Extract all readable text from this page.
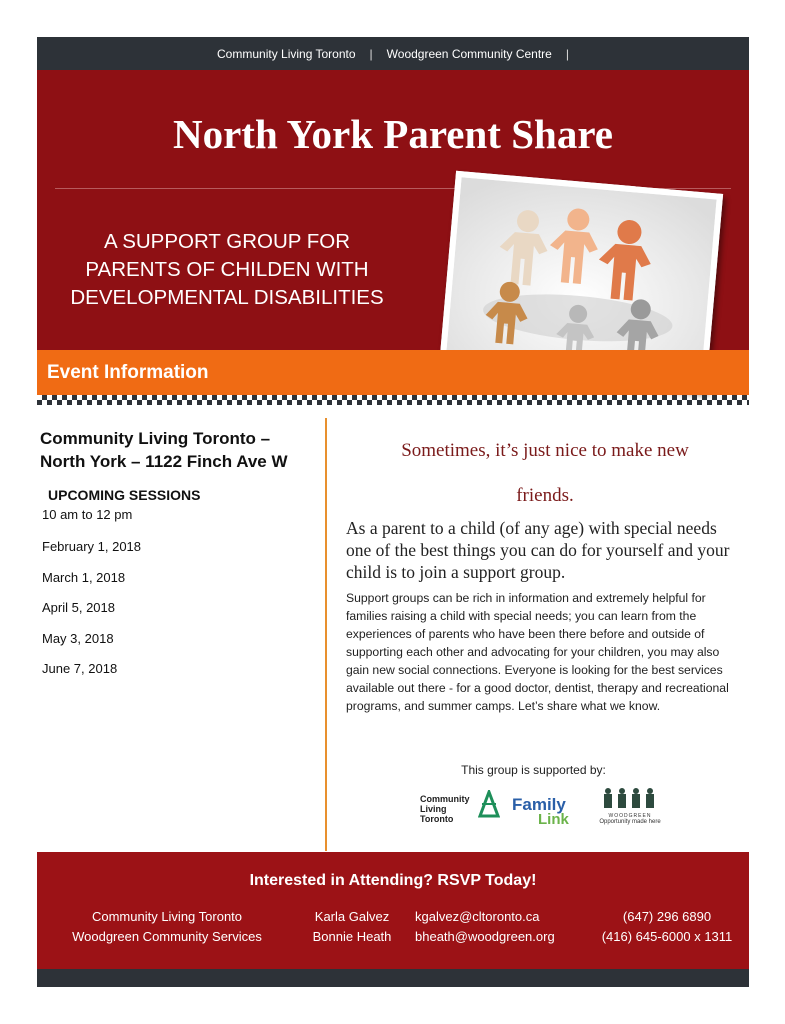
Community Living Toronto | Woodgreen Community Centre |
North York Parent Share
A SUPPORT GROUP FOR
PARENTS OF CHILDEN WITH
DEVELOPMENTAL DISABILITIES
Event Information
Community Living Toronto –
North York – 1122 Finch Ave W
UPCOMING SESSIONS
10 am to 12 pm
February 1, 2018
March 1, 2018
April 5, 2018
May 3, 2018
June 7, 2018
Sometimes, it’s just nice to make new
friends.
As a parent to a child (of any age) with special needs one of the best things you can do for yourself and your child is to join a support group.
Support groups can be rich in information and extremely helpful for families raising a child with special needs; you can learn from the experiences of parents who have been there before and outside of supporting each other and advocating for your children, you may also gain new social connections. Everyone is looking for the best services available out there - for a good doctor, dentist, therapy and recreational programs, and summer camps. Let’s share what we know.
This group is supported by:
Community
Living
Toronto
Family
Link	WOODGREEN
Opportunity made here
Interested in Attending? RSVP Today!
Community Living Toronto
Woodgreen Community Services
Karla Galvez
Bonnie Heath
kgalvez@cltoronto.ca
bheath@woodgreen.org
(647) 296 6890
(416) 645-6000 x 1311
